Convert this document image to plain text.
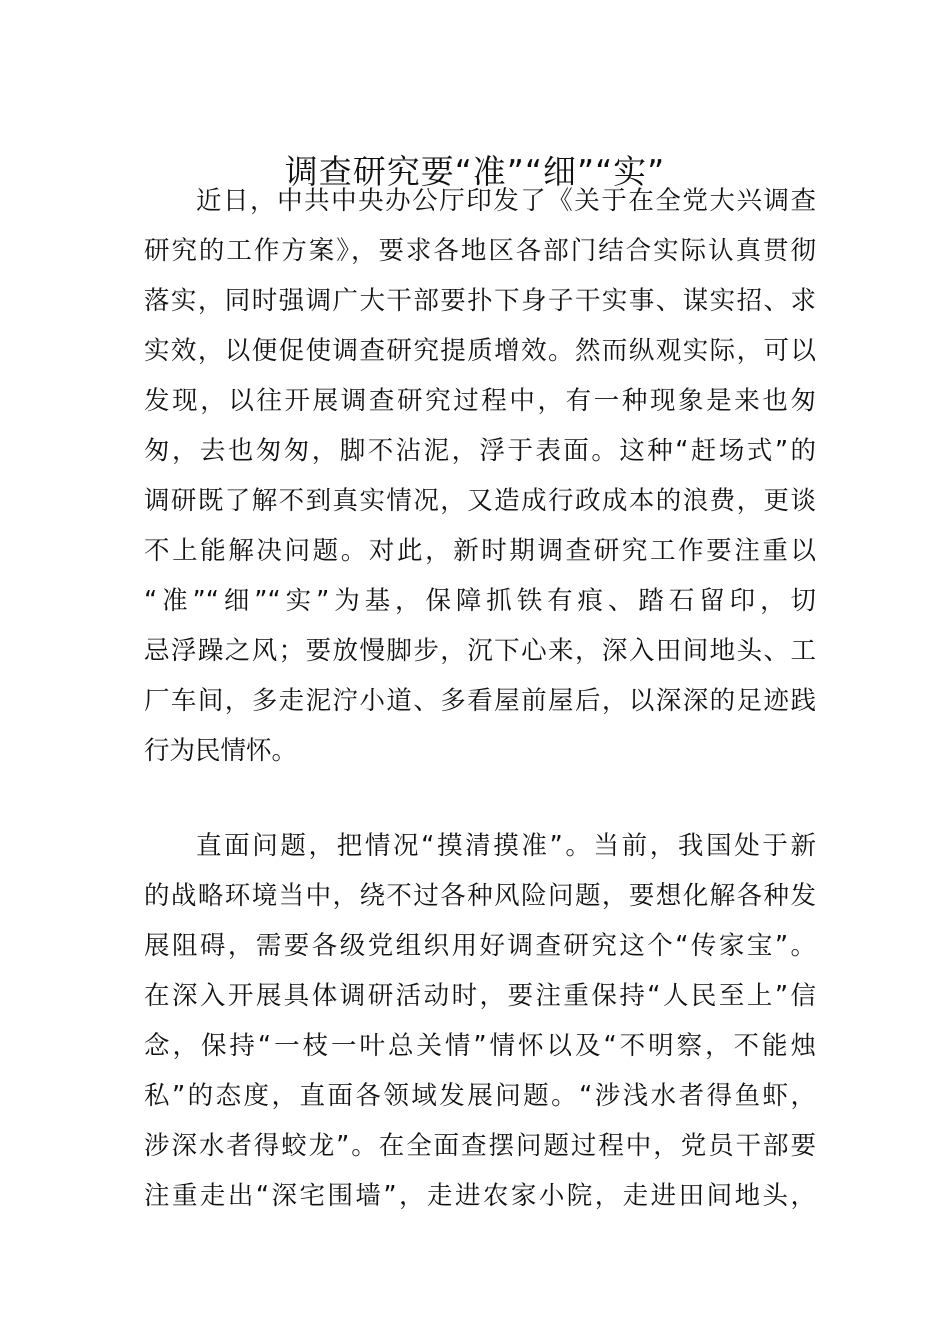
调查研究要“准”“细”“实”
近日，中共中央办公厅印发了《关于在全党大兴调查
研究的工作方案》，要求各地区各部门结合实际认真贯彻
落实，同时强调广大干部要扑下身子干实事、谋实招、求
实效，以便促使调查研究提质增效。然而纵观实际，可以
发现，以往开展调查研究过程中，有一种现象是来也匆
匆，去也匆匆，脚不沾泥，浮于表面。这种“赶场式”的
调研既了解不到真实情况，又造成行政成本的浪费，更谈
不上能解决问题。对此，新时期调查研究工作要注重以
“准”“细”“实”为基，保障抓铁有痕、踏石留印，切
忌浮躁之风；要放慢脚步，沉下心来，深入田间地头、工
厂车间，多走泥泞小道、多看屋前屋后，以深深的足迹践
行为民情怀。
直面问题，把情况“摸清摸准”。当前，我国处于新
的战略环境当中，绕不过各种风险问题，要想化解各种发
展阻碍，需要各级党组织用好调查研究这个“传家宝”。
在深入开展具体调研活动时，要注重保持“人民至上”信
念，保持“一枝一叶总关情”情怀以及“不明察，不能烛
私”的态度，直面各领域发展问题。“涉浅水者得鱼虾，
涉深水者得蛟龙”。在全面查摆问题过程中，党员干部要
注重走出“深宅围墙”，走进农家小院，走进田间地头，
